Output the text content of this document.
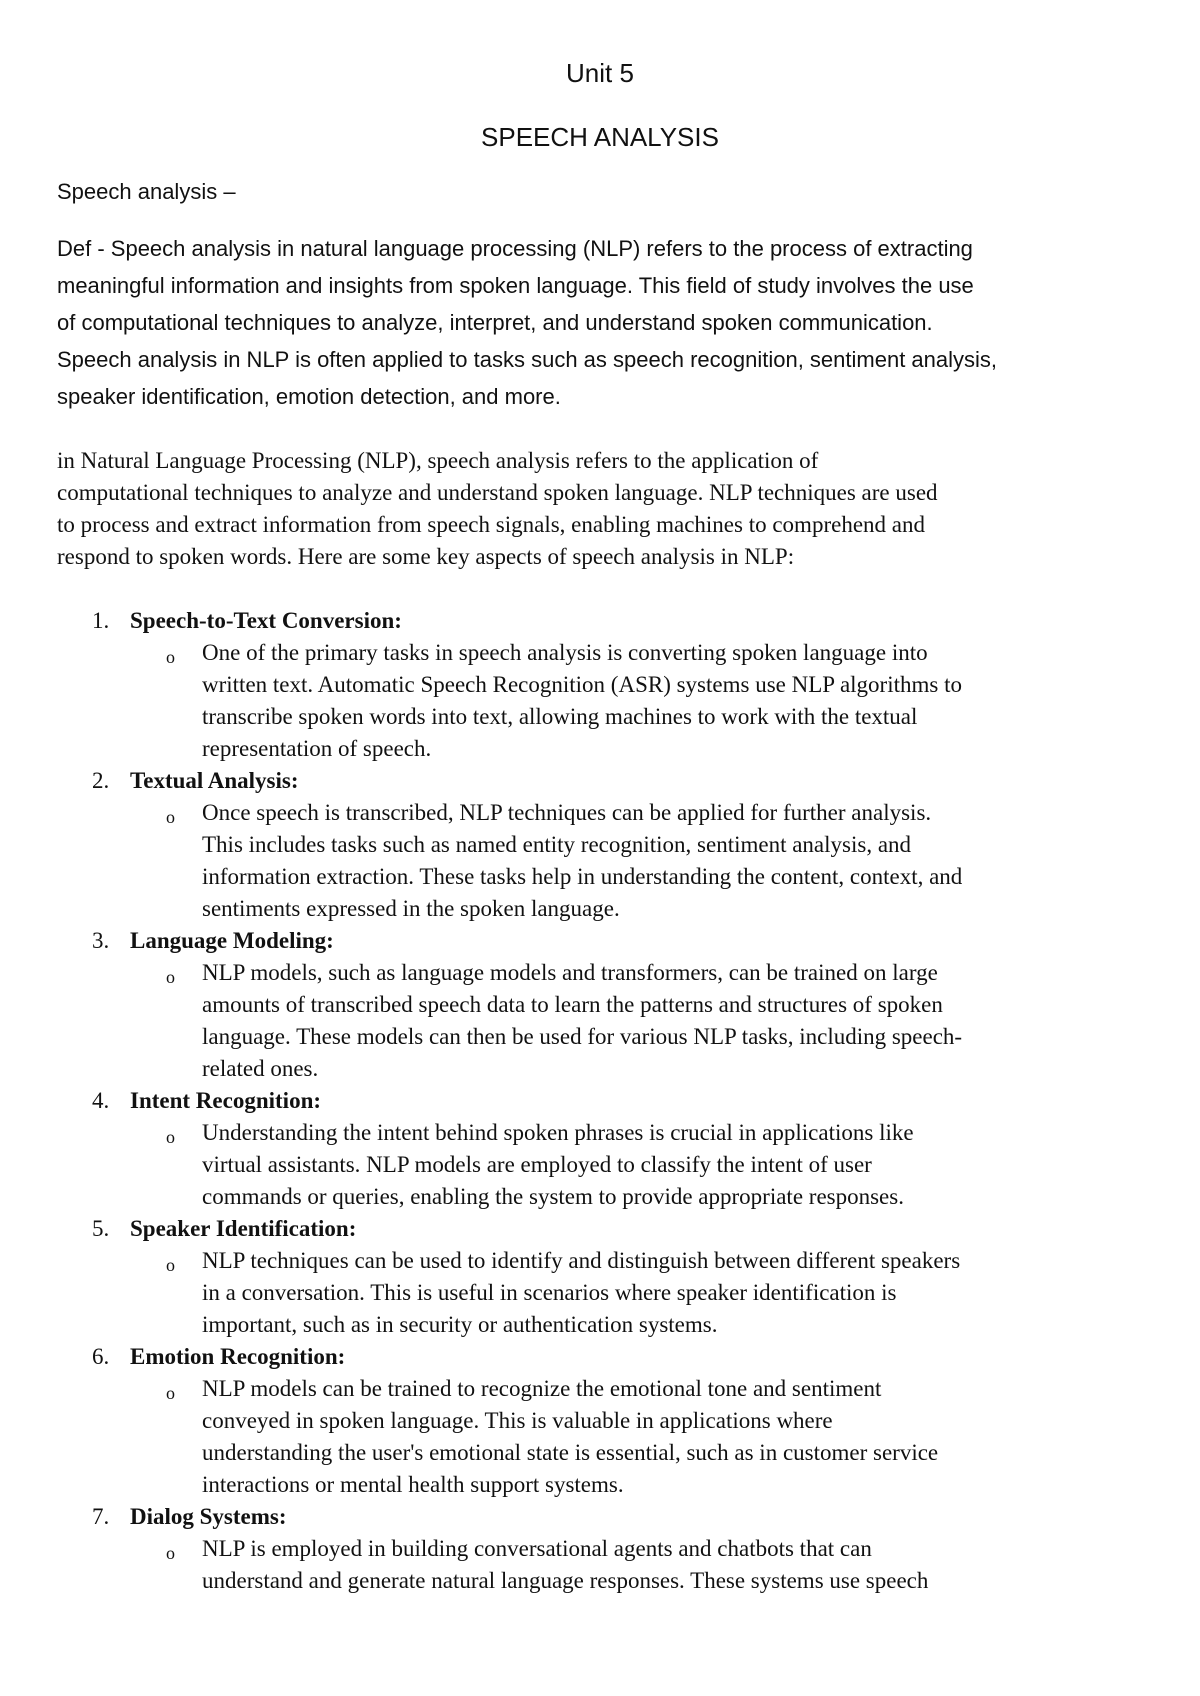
Unit 5
SPEECH ANALYSIS

Speech analysis –

Def - Speech analysis in natural language processing (NLP) refers to the process of extracting
meaningful information and insights from spoken language. This field of study involves the use
of computational techniques to analyze, interpret, and understand spoken communication.
Speech analysis in NLP is often applied to tasks such as speech recognition, sentiment analysis,
speaker identification, emotion detection, and more.

in Natural Language Processing (NLP), speech analysis refers to the application of
computational techniques to analyze and understand spoken language. NLP techniques are used
to process and extract information from speech signals, enabling machines to comprehend and
respond to spoken words. Here are some key aspects of speech analysis in NLP:

1. Speech-to-Text Conversion:
o One of the primary tasks in speech analysis is converting spoken language into
written text. Automatic Speech Recognition (ASR) systems use NLP algorithms to
transcribe spoken words into text, allowing machines to work with the textual
representation of speech.
2. Textual Analysis:
o Once speech is transcribed, NLP techniques can be applied for further analysis.
This includes tasks such as named entity recognition, sentiment analysis, and
information extraction. These tasks help in understanding the content, context, and
sentiments expressed in the spoken language.
3. Language Modeling:
o NLP models, such as language models and transformers, can be trained on large
amounts of transcribed speech data to learn the patterns and structures of spoken
language. These models can then be used for various NLP tasks, including speech-
related ones.
4. Intent Recognition:
o Understanding the intent behind spoken phrases is crucial in applications like
virtual assistants. NLP models are employed to classify the intent of user
commands or queries, enabling the system to provide appropriate responses.
5. Speaker Identification:
o NLP techniques can be used to identify and distinguish between different speakers
in a conversation. This is useful in scenarios where speaker identification is
important, such as in security or authentication systems.
6. Emotion Recognition:
o NLP models can be trained to recognize the emotional tone and sentiment
conveyed in spoken language. This is valuable in applications where
understanding the user's emotional state is essential, such as in customer service
interactions or mental health support systems.
7. Dialog Systems:
o NLP is employed in building conversational agents and chatbots that can
understand and generate natural language responses. These systems use speech
